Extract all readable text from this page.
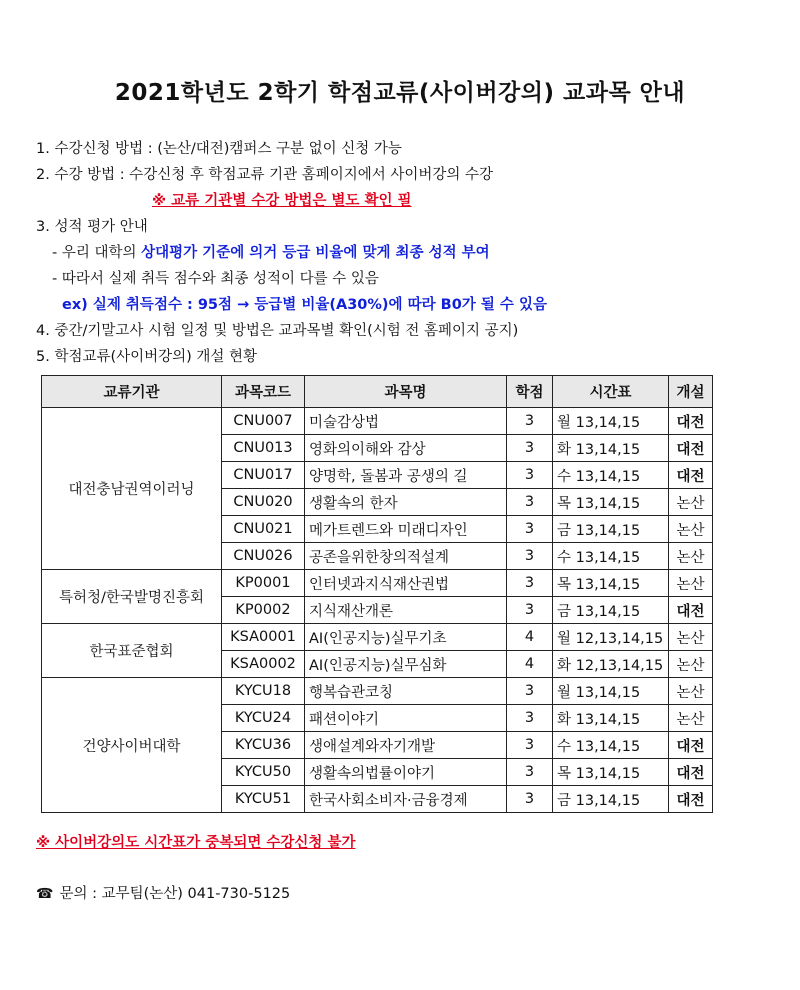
2021학년도 2학기 학점교류(사이버강의) 교과목 안내
1. 수강신청 방법 : (논산/대전)캠퍼스 구분 없이 신청 가능
2. 수강 방법 : 수강신청 후 학점교류 기관 홈페이지에서 사이버강의 수강
※ 교류 기관별 수강 방법은 별도 확인 필
3. 성적 평가 안내
- 우리 대학의 상대평가 기준에 의거 등급 비율에 맞게 최종 성적 부여
- 따라서 실제 취득 점수와 최종 성적이 다를 수 있음
ex) 실제 취득점수 : 95점 → 등급별 비율(A30%)에 따라 B0가 될 수 있음
4. 중간/기말고사 시험 일정 및 방법은 교과목별 확인(시험 전 홈페이지 공지)
5. 학점교류(사이버강의) 개설 현황
교류기관	과목코드	과목명	학점	시간표	개설
대전충남권역이러닝	CNU007	미술감상법	3	월 13,14,15	대전
	CNU013	영화의이해와 감상	3	화 13,14,15	대전
	CNU017	양명학, 돌봄과 공생의 길	3	수 13,14,15	대전
	CNU020	생활속의 한자	3	목 13,14,15	논산
	CNU021	메가트렌드와 미래디자인	3	금 13,14,15	논산
	CNU026	공존을위한창의적설계	3	수 13,14,15	논산
특허청/한국발명진흥회	KP0001	인터넷과지식재산권법	3	목 13,14,15	논산
	KP0002	지식재산개론	3	금 13,14,15	대전
한국표준협회	KSA0001	AI(인공지능)실무기초	4	월 12,13,14,15	논산
	KSA0002	AI(인공지능)실무심화	4	화 12,13,14,15	논산
건양사이버대학	KYCU18	행복습관코칭	3	월 13,14,15	논산
	KYCU24	패션이야기	3	화 13,14,15	논산
	KYCU36	생애설계와자기개발	3	수 13,14,15	대전
	KYCU50	생활속의법률이야기	3	목 13,14,15	대전
	KYCU51	한국사회소비자·금융경제	3	금 13,14,15	대전
※ 사이버강의도 시간표가 중복되면 수강신청 불가
☎ 문의 : 교무팀(논산) 041-730-5125
